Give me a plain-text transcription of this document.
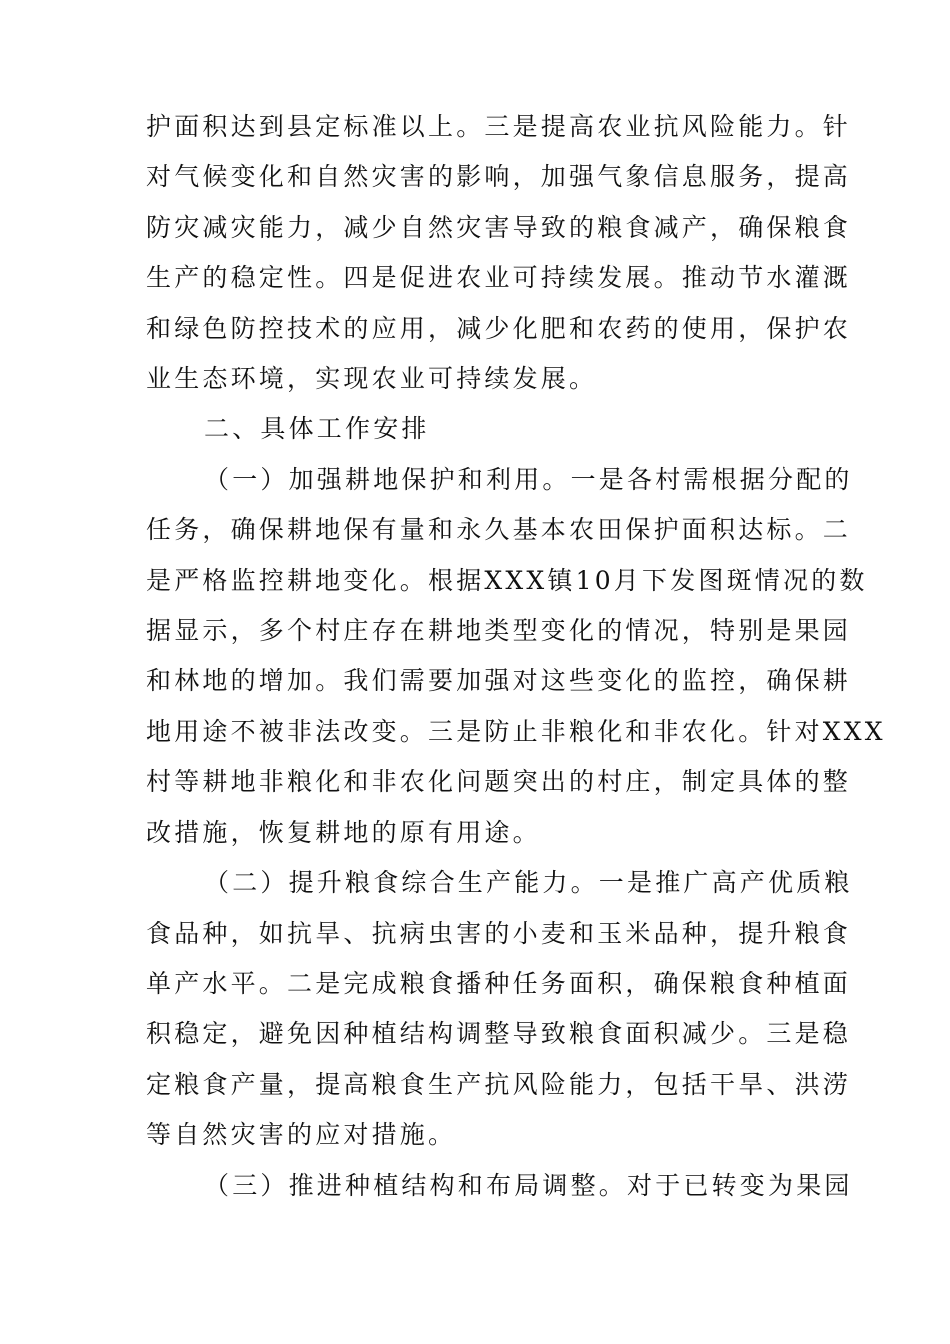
护面积达到县定标准以上。三是提高农业抗风险能力。针
对气候变化和自然灾害的影响，加强气象信息服务，提高
防灾减灾能力，减少自然灾害导致的粮食减产，确保粮食
生产的稳定性。四是促进农业可持续发展。推动节水灌溉
和绿色防控技术的应用，减少化肥和农药的使用，保护农
业生态环境，实现农业可持续发展。

二、具体工作安排

（一）加强耕地保护和利用。一是各村需根据分配的
任务，确保耕地保有量和永久基本农田保护面积达标。二
是严格监控耕地变化。根据XXX镇10月下发图斑情况的数
据显示，多个村庄存在耕地类型变化的情况，特别是果园
和林地的增加。我们需要加强对这些变化的监控，确保耕
地用途不被非法改变。三是防止非粮化和非农化。针对XXX
村等耕地非粮化和非农化问题突出的村庄，制定具体的整
改措施，恢复耕地的原有用途。

（二）提升粮食综合生产能力。一是推广高产优质粮
食品种，如抗旱、抗病虫害的小麦和玉米品种，提升粮食
单产水平。二是完成粮食播种任务面积，确保粮食种植面
积稳定，避免因种植结构调整导致粮食面积减少。三是稳
定粮食产量，提高粮食生产抗风险能力，包括干旱、洪涝
等自然灾害的应对措施。

（三）推进种植结构和布局调整。对于已转变为果园
